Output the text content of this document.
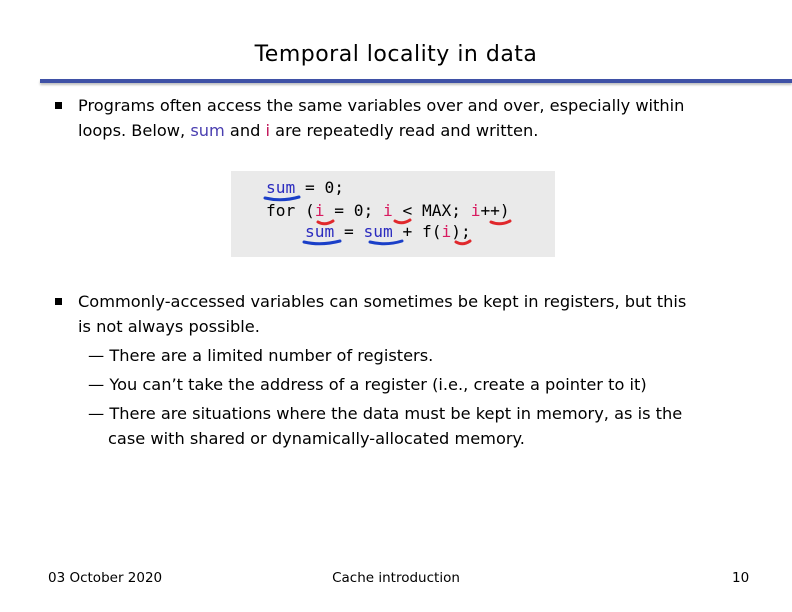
Temporal locality in data
Programs often access the same variables over and over, especially within
loops. Below, sum and i are repeatedly read and written.
sum = 0;
for (i = 0; i < MAX; i++)
sum = sum + f(i);
Commonly-accessed variables can sometimes be kept in registers, but this
is not always possible.
— There are a limited number of registers.
— You can’t take the address of a register (i.e., create a pointer to it)
— There are situations where the data must be kept in memory, as is the
case with shared or dynamically-allocated memory.
03 October 2020	Cache introduction	10
